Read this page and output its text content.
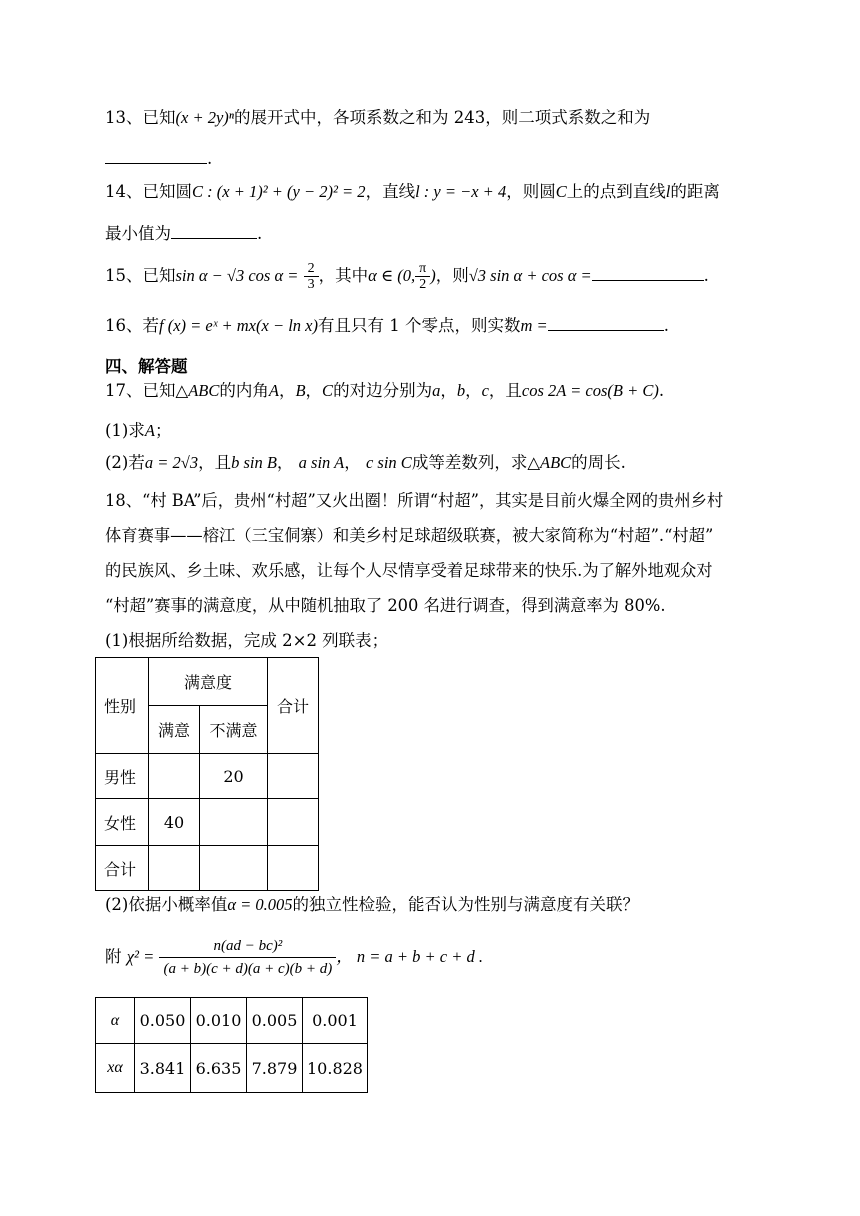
13、已知(x + 2y)ⁿ的展开式中，各项系数之和为 243，则二项式系数之和为
.
14、已知圆C : (x + 1)² + (y − 2)² = 2，直线l : y = −x + 4，则圆C上的点到直线l的距离
最小值为	.
15、已知sin α − √3 $\cos \alpha = \frac{2}{3}$ ，其中α ∈ (0, $\frac{\pi}{2}$ )，则√3 sin α + cos α =	.
16、若f (x) = eˣ + mx(x − ln x)有且只有 1 个零点，则实数m =	.
四、解答题
17、已知△ABC的内角A，B，C的对边分别为a，b，c，且cos 2A = cos(B + C).
(1)求A；
(2)若a = 2√3，且b sin B， a sin A， c sin C成等差数列，求△ABC的周长.
18、“村 BA”后，贵州“村超”又火出圈！所谓“村超”，其实是目前火爆全网的贵州乡村
体育赛事——榕江（三宝侗寨）和美乡村足球超级联赛，被大家简称为“村超”.“村超”
的民族风、乡土味、欢乐感，让每个人尽情享受着足球带来的快乐.为了解外地观众对
“村超”赛事的满意度，从中随机抽取了 200 名进行调查，得到满意率为 80%.
(1)根据所给数据，完成 2×2 列联表；
性别	满意度		合计
	满意	不满意	
男性		20	
女性	40		
合计			
(2)依据小概率值α = 0.005的独立性检验，能否认为性别与满意度有关联？
附 $\chi^2 = \frac{\text{n(ad − bc)²}}{(a + b)(c + d)(a + c)(b + d)}$ ， n = a + b + c + d .
α	0.050	0.010	0.005	0.001
xα	3.841	6.635	7.879	10.828
